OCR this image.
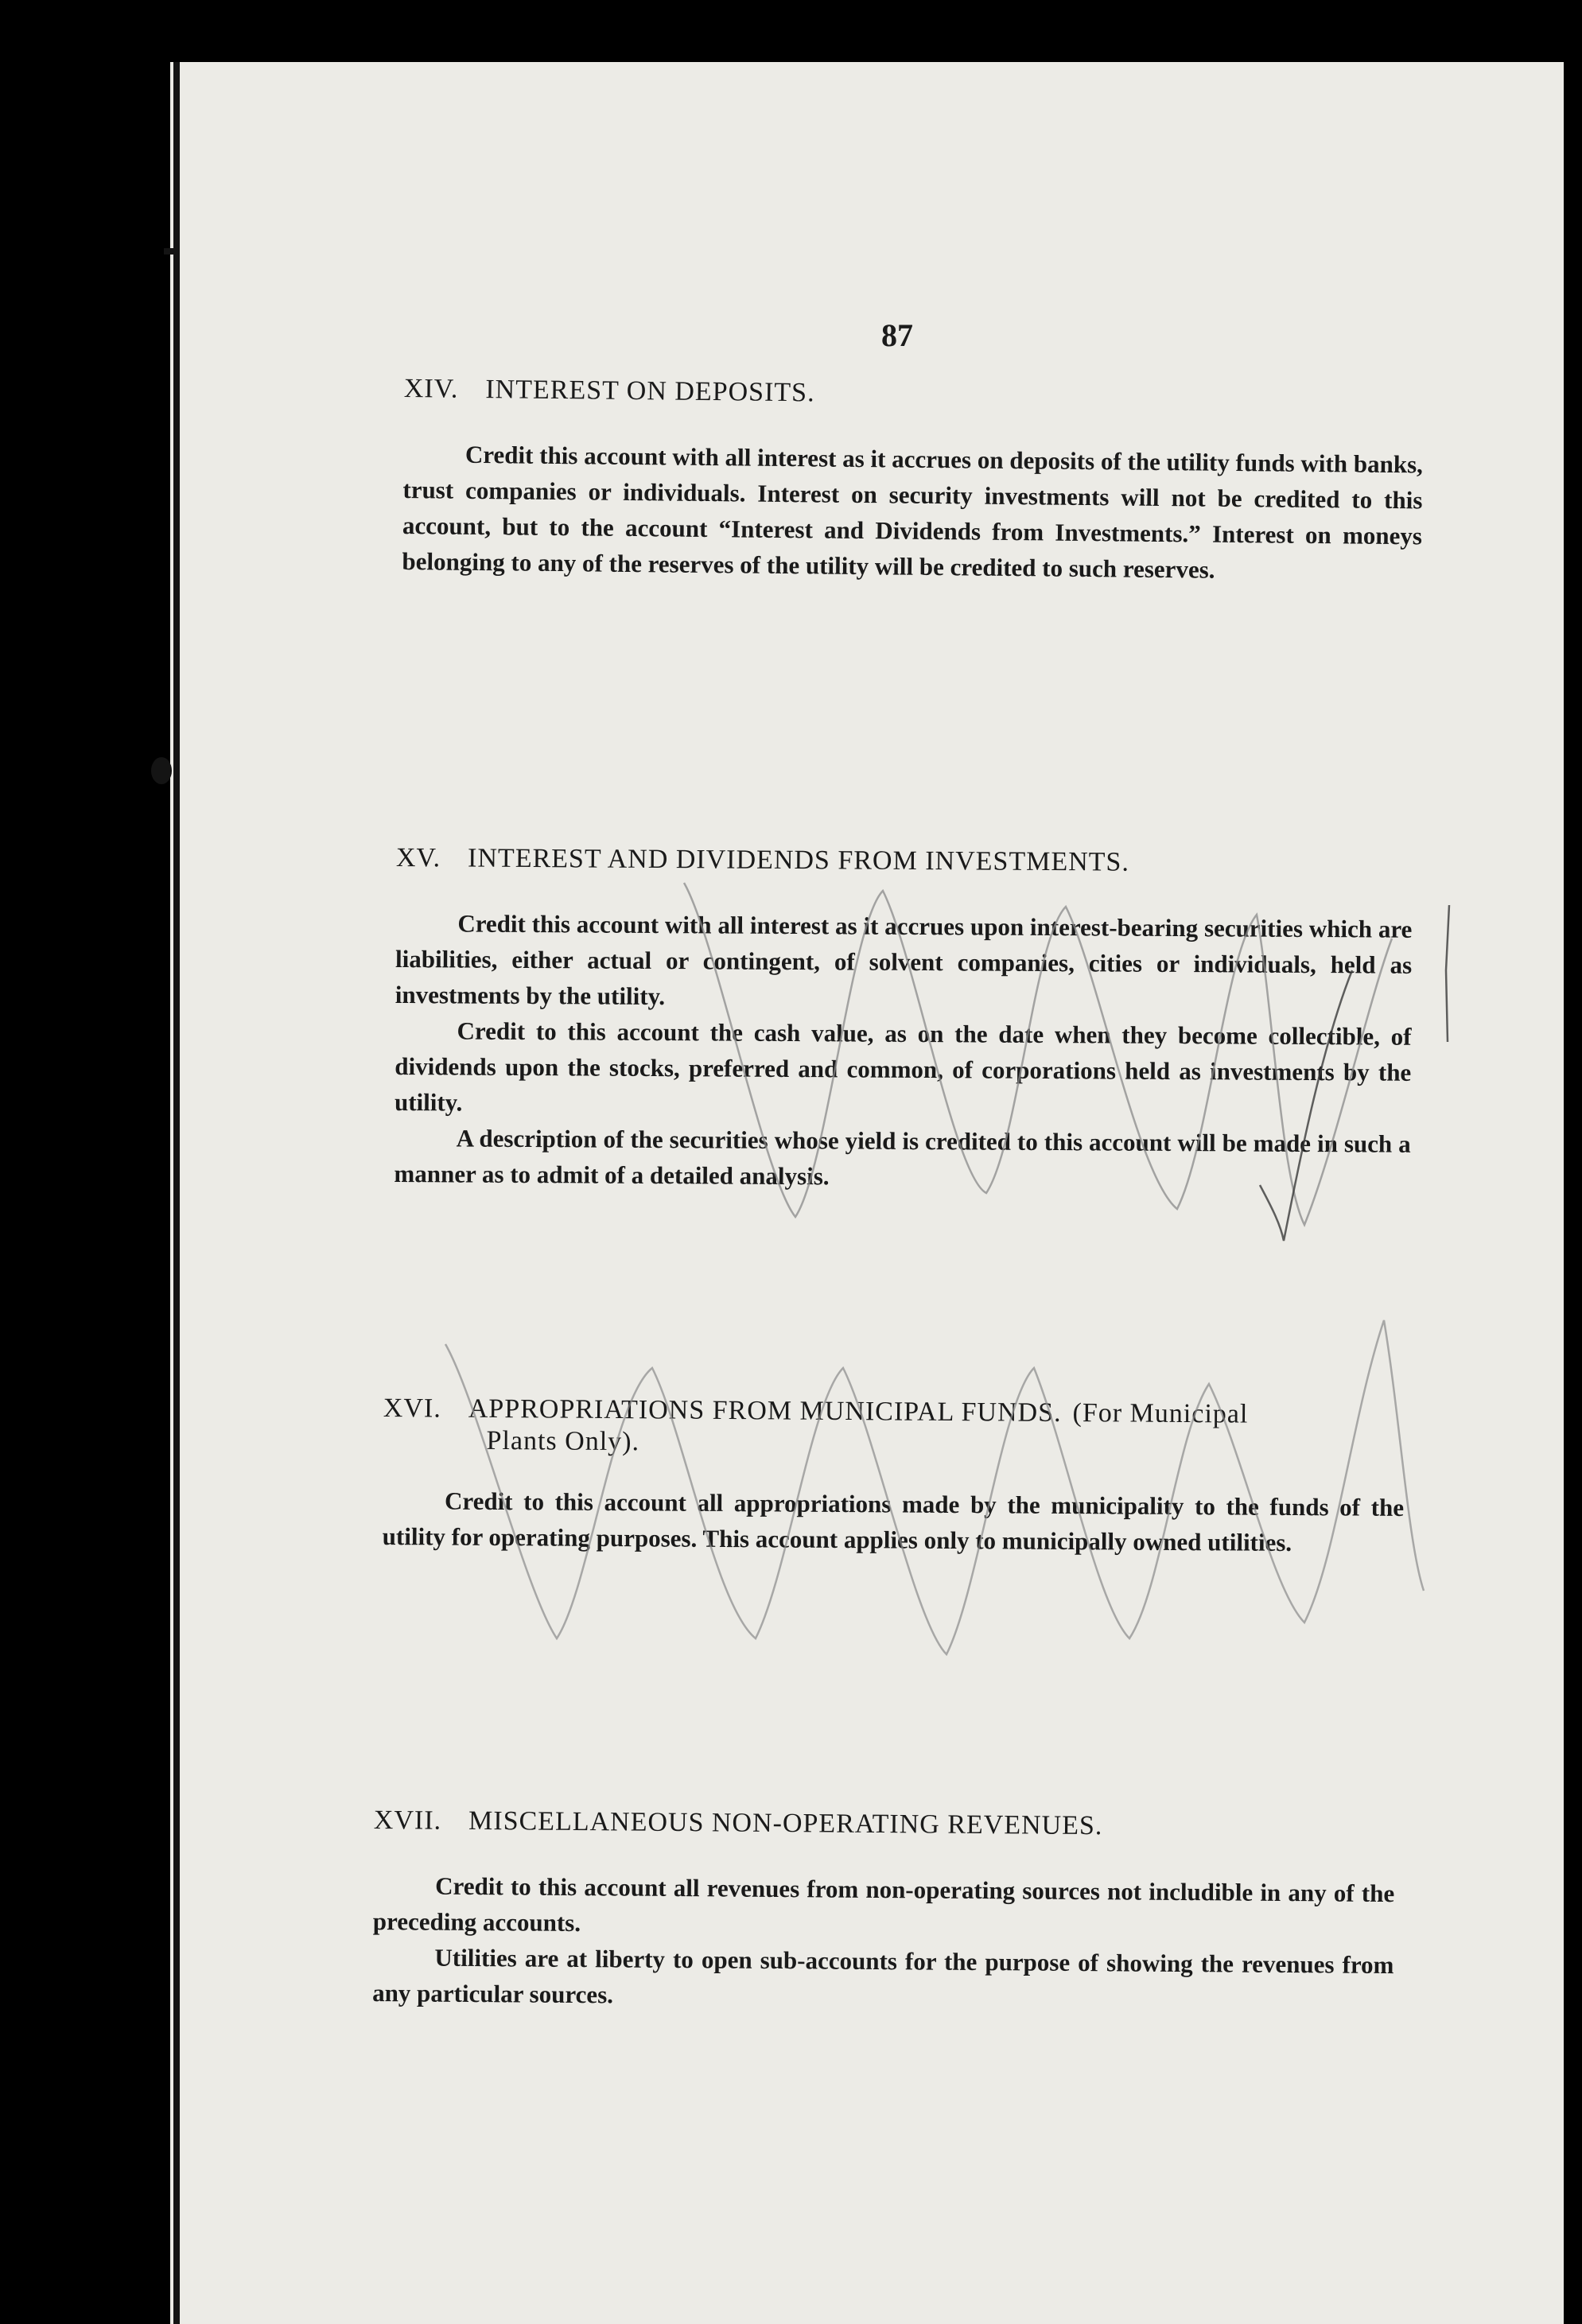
87
XIV. INTEREST ON DEPOSITS.

Credit this account with all interest as it accrues on deposits of the utility funds with banks, trust companies or individuals. Interest on security investments will not be credited to this account, but to the account “Interest and Dividends from Investments.” Interest on moneys belonging to any of the reserves of the utility will be credited to such reserves.

XV. INTEREST AND DIVIDENDS FROM INVESTMENTS.

Credit this account with all interest as it accrues upon interest-bearing securities which are liabilities, either actual or contingent, of solvent companies, cities or individuals, held as investments by the utility.

Credit to this account the cash value, as on the date when they become collectible, of dividends upon the stocks, preferred and common, of corporations held as investments by the utility.

A description of the securities whose yield is credited to this account will be made in such a manner as to admit of a detailed analysis.

XVI. APPROPRIATIONS FROM MUNICIPAL FUNDS. (For Municipal
Plants Only).

Credit to this account all appropriations made by the municipality to the funds of the utility for operating purposes. This account applies only to municipally owned utilities.

XVII. MISCELLANEOUS NON-OPERATING REVENUES.

Credit to this account all revenues from non-operating sources not includible in any of the preceding accounts.

Utilities are at liberty to open sub-accounts for the purpose of showing the revenues from any particular sources.
